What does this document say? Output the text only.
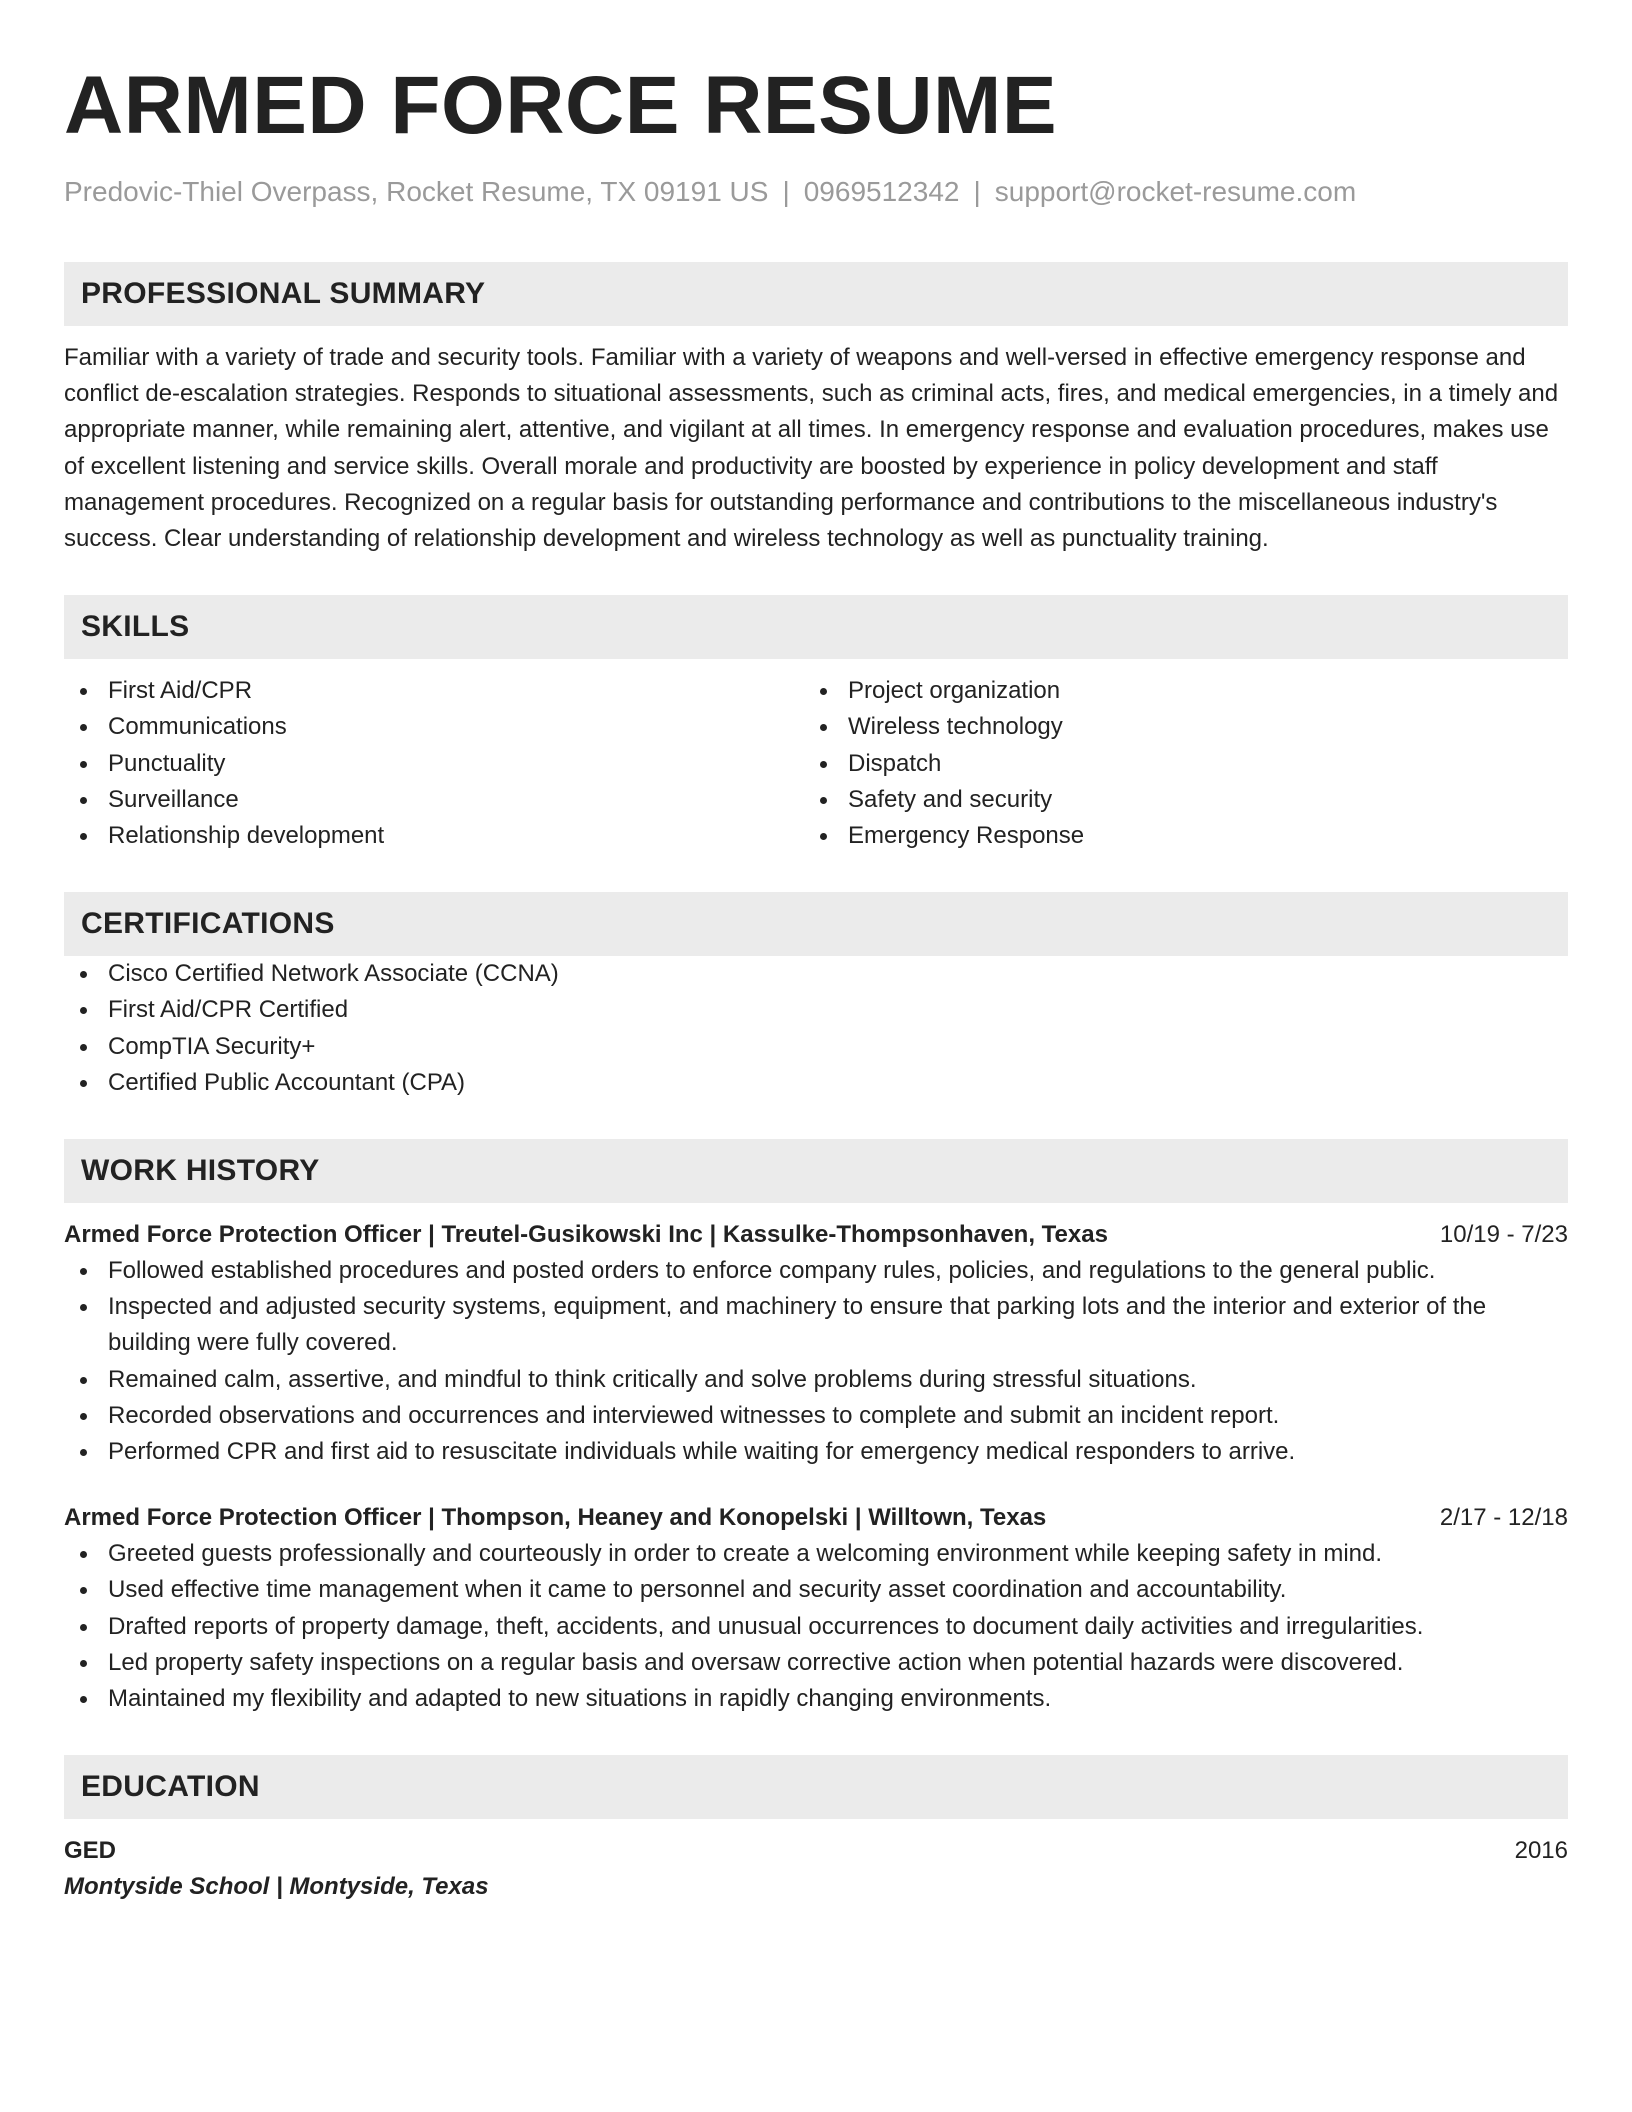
ARMED FORCE RESUME
Predovic-Thiel Overpass, Rocket Resume, TX 09191 US | 0969512342 | support@rocket-resume.com
PROFESSIONAL SUMMARY
Familiar with a variety of trade and security tools. Familiar with a variety of weapons and well-versed in effective emergency response and conflict de-escalation strategies. Responds to situational assessments, such as criminal acts, fires, and medical emergencies, in a timely and appropriate manner, while remaining alert, attentive, and vigilant at all times. In emergency response and evaluation procedures, makes use of excellent listening and service skills. Overall morale and productivity are boosted by experience in policy development and staff management procedures. Recognized on a regular basis for outstanding performance and contributions to the miscellaneous industry's success. Clear understanding of relationship development and wireless technology as well as punctuality training.
SKILLS
First Aid/CPR
Communications
Punctuality
Surveillance
Relationship development
Project organization
Wireless technology
Dispatch
Safety and security
Emergency Response
CERTIFICATIONS
Cisco Certified Network Associate (CCNA)
First Aid/CPR Certified
CompTIA Security+
Certified Public Accountant (CPA)
WORK HISTORY
Armed Force Protection Officer | Treutel-Gusikowski Inc | Kassulke-Thompsonhaven, Texas	10/19 - 7/23
Followed established procedures and posted orders to enforce company rules, policies, and regulations to the general public.
Inspected and adjusted security systems, equipment, and machinery to ensure that parking lots and the interior and exterior of the building were fully covered.
Remained calm, assertive, and mindful to think critically and solve problems during stressful situations.
Recorded observations and occurrences and interviewed witnesses to complete and submit an incident report.
Performed CPR and first aid to resuscitate individuals while waiting for emergency medical responders to arrive.
Armed Force Protection Officer | Thompson, Heaney and Konopelski | Willtown, Texas	2/17 - 12/18
Greeted guests professionally and courteously in order to create a welcoming environment while keeping safety in mind.
Used effective time management when it came to personnel and security asset coordination and accountability.
Drafted reports of property damage, theft, accidents, and unusual occurrences to document daily activities and irregularities.
Led property safety inspections on a regular basis and oversaw corrective action when potential hazards were discovered.
Maintained my flexibility and adapted to new situations in rapidly changing environments.
EDUCATION
GED	2016
Montyside School | Montyside, Texas
